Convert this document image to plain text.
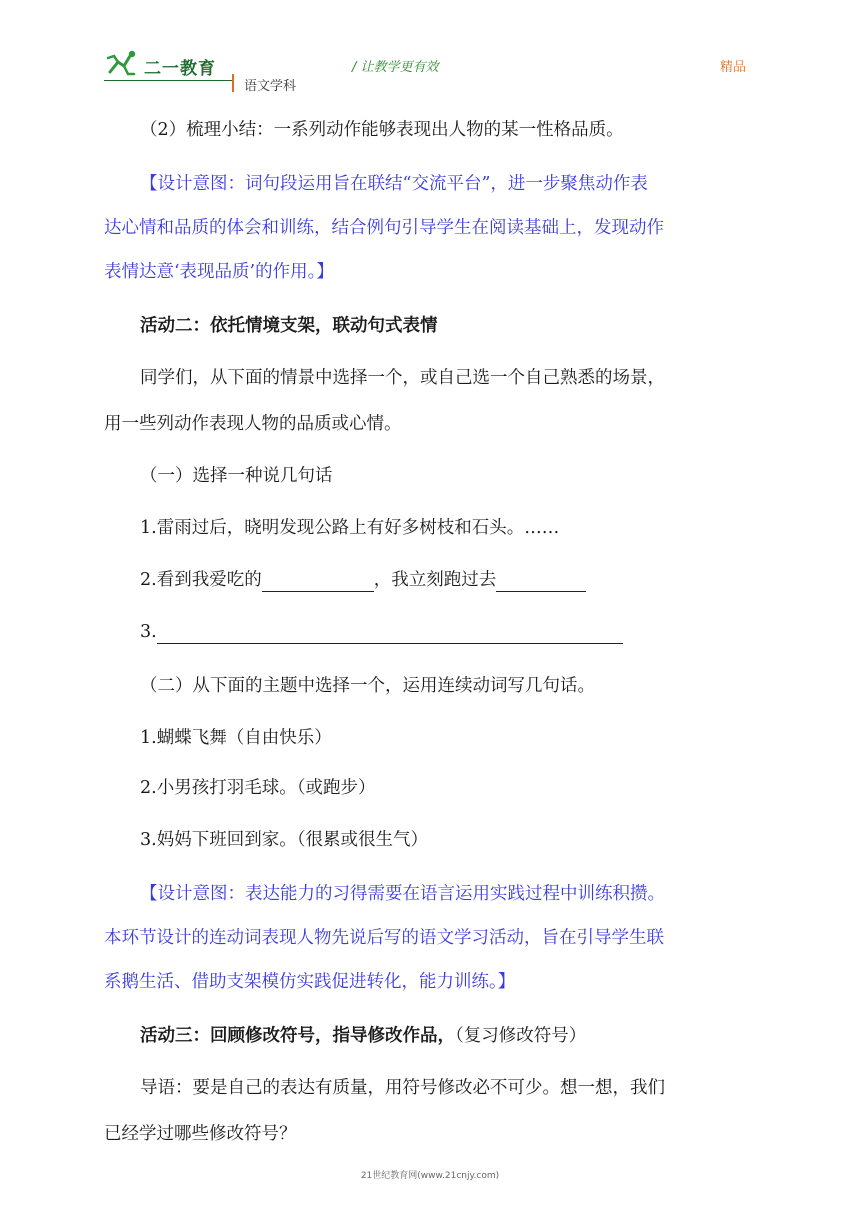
二一教育
语文学科
/ 让教学更有效	精品
（2）梳理小结：一系列动作能够表现出人物的某一性格品质。
【设计意图：词句段运用旨在联结“交流平台”，进一步聚焦动作表
达心情和品质的体会和训练，结合例句引导学生在阅读基础上，发现动作
表情达意‘表现品质’的作用。】
活动二：依托情境支架，联动句式表情
同学们，从下面的情景中选择一个，或自己选一个自己熟悉的场景，
用一些列动作表现人物的品质或心情。
（一）选择一种说几句话
1.雷雨过后，晓明发现公路上有好多树枝和石头。……
2.看到我爱吃的	，我立刻跑过去
3.
（二）从下面的主题中选择一个，运用连续动词写几句话。
1.蝴蝶飞舞（自由快乐）
2.小男孩打羽毛球。（或跑步）
3.妈妈下班回到家。（很累或很生气）
【设计意图：表达能力的习得需要在语言运用实践过程中训练积攒。
本环节设计的连动词表现人物先说后写的语文学习活动，旨在引导学生联
系鹅生活、借助支架模仿实践促进转化，能力训练。】
活动三：回顾修改符号，指导修改作品，（复习修改符号）
导语：要是自己的表达有质量，用符号修改必不可少。想一想，我们
已经学过哪些修改符号？
21世纪教育网(www.21cnjy.com)
